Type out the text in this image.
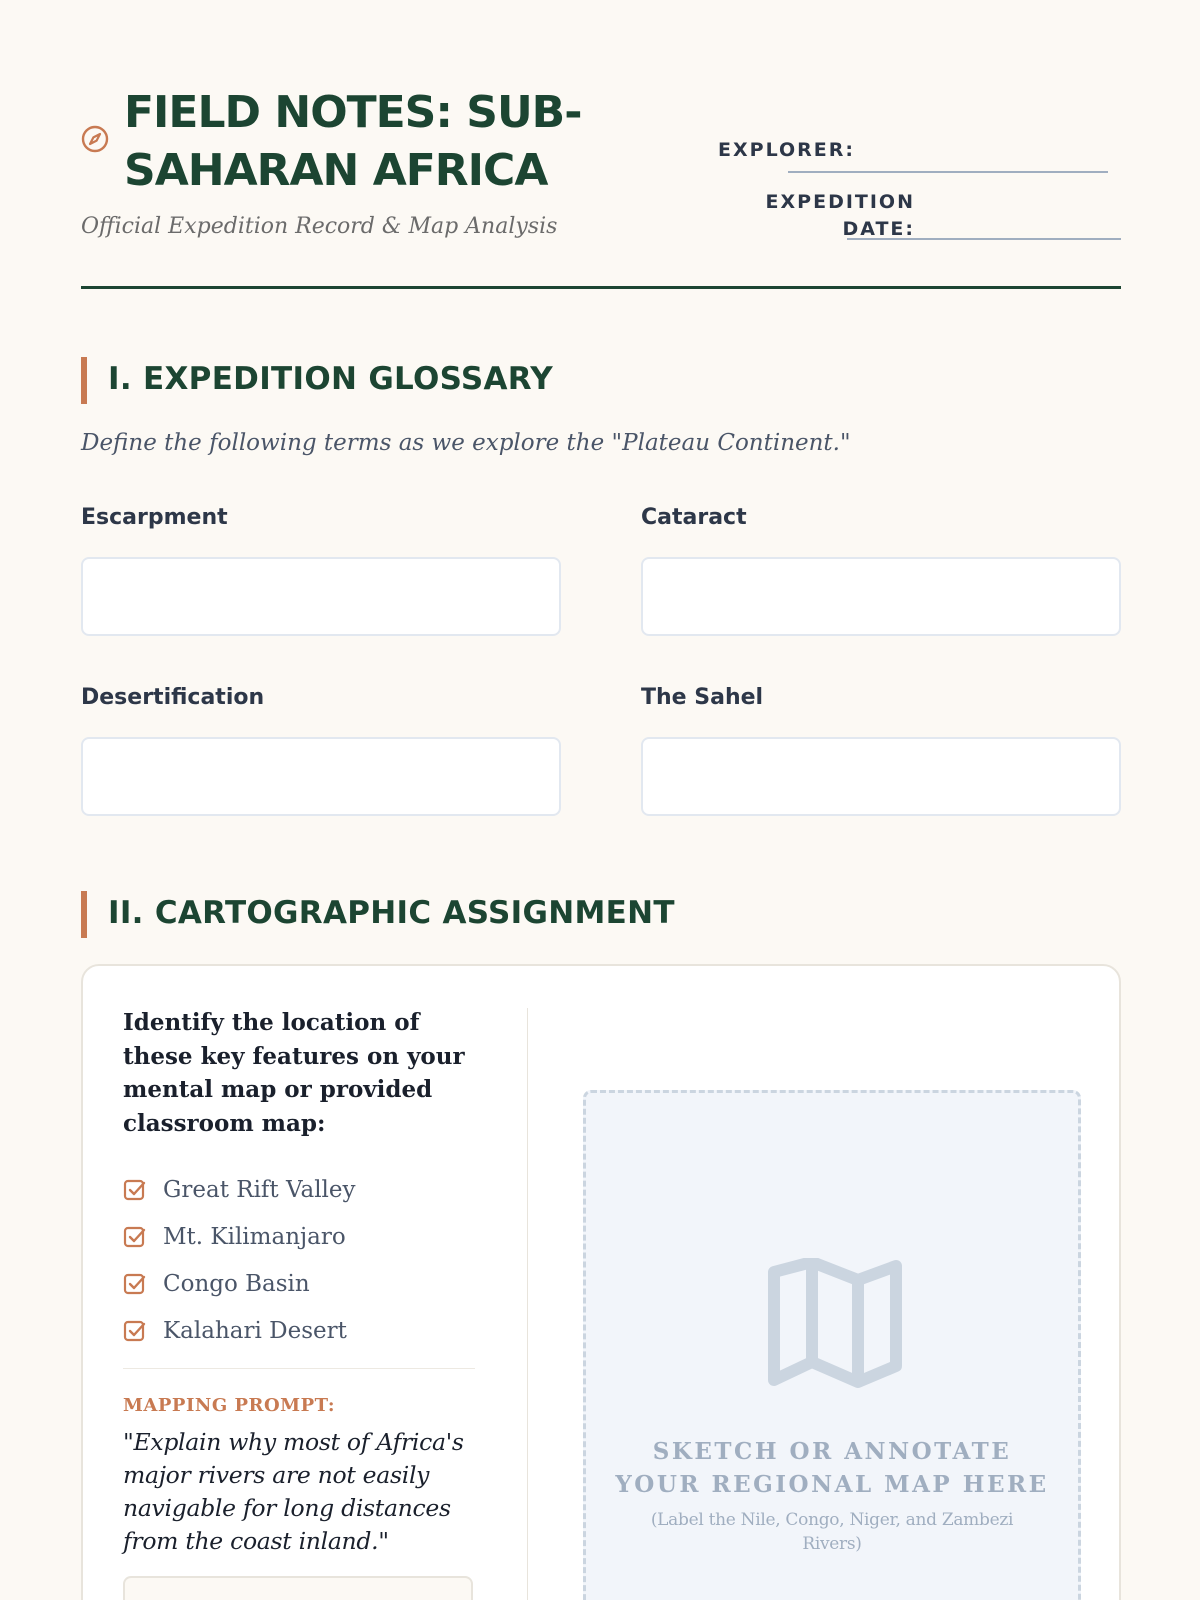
FIELD NOTES: SUB-SAHARAN AFRICA
Official Expedition Record & Map Analysis
EXPLORER:
EXPEDITION
DATE:
I. EXPEDITION GLOSSARY
Define the following terms as we explore the "Plateau Continent."
Escarpment	Cataract
Desertification	The Sahel
II. CARTOGRAPHIC ASSIGNMENT
Identify the location of these key features on your mental map or provided classroom map:
Great Rift Valley
Mt. Kilimanjaro
Congo Basin
Kalahari Desert
MAPPING PROMPT:
"Explain why most of Africa's major rivers are not easily navigable for long distances from the coast inland."
SKETCH OR ANNOTATE
YOUR REGIONAL MAP HERE
(Label the Nile, Congo, Niger, and Zambezi Rivers)
